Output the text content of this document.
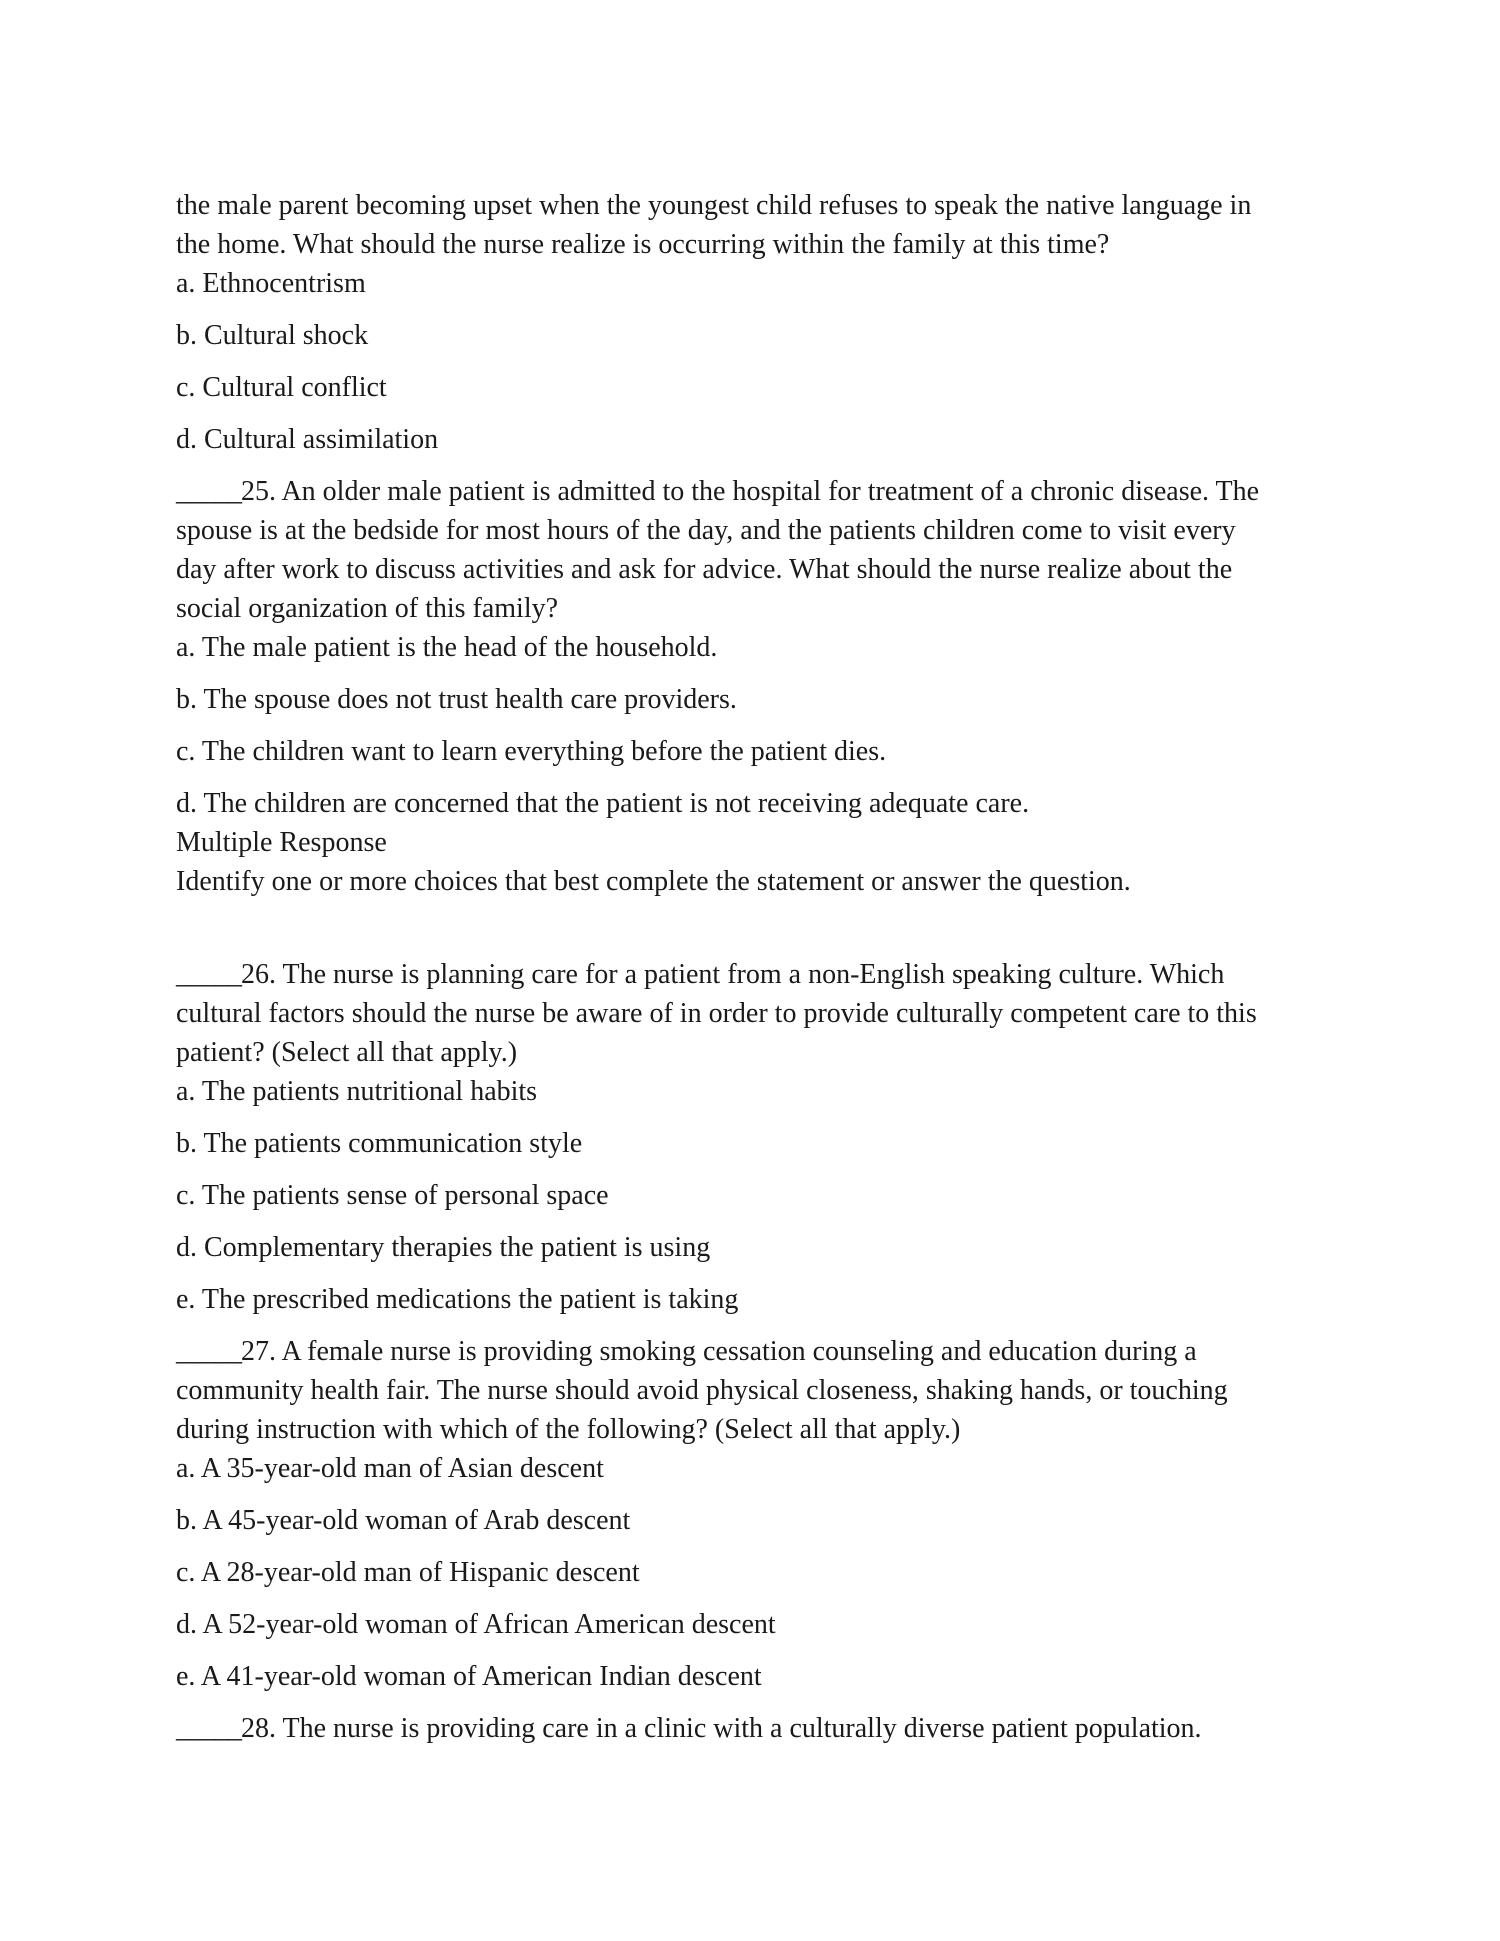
the male parent becoming upset when the youngest child refuses to speak the native language in

the home. What should the nurse realize is occurring within the family at this time?

a. Ethnocentrism

b. Cultural shock

c. Cultural conflict

d. Cultural assimilation

_____25. An older male patient is admitted to the hospital for treatment of a chronic disease. The

spouse is at the bedside for most hours of the day, and the patients children come to visit every

day after work to discuss activities and ask for advice. What should the nurse realize about the

social organization of this family?

a. The male patient is the head of the household.

b. The spouse does not trust health care providers.

c. The children want to learn everything before the patient dies.

d. The children are concerned that the patient is not receiving adequate care.

Multiple Response

Identify one or more choices that best complete the statement or answer the question.

_____26. The nurse is planning care for a patient from a non-English speaking culture. Which

cultural factors should the nurse be aware of in order to provide culturally competent care to this

patient? (Select all that apply.)

a. The patients nutritional habits

b. The patients communication style

c. The patients sense of personal space

d. Complementary therapies the patient is using

e. The prescribed medications the patient is taking

_____27. A female nurse is providing smoking cessation counseling and education during a

community health fair. The nurse should avoid physical closeness, shaking hands, or touching

during instruction with which of the following? (Select all that apply.)

a. A 35-year-old man of Asian descent

b. A 45-year-old woman of Arab descent

c. A 28-year-old man of Hispanic descent

d. A 52-year-old woman of African American descent

e. A 41-year-old woman of American Indian descent

_____28. The nurse is providing care in a clinic with a culturally diverse patient population.
